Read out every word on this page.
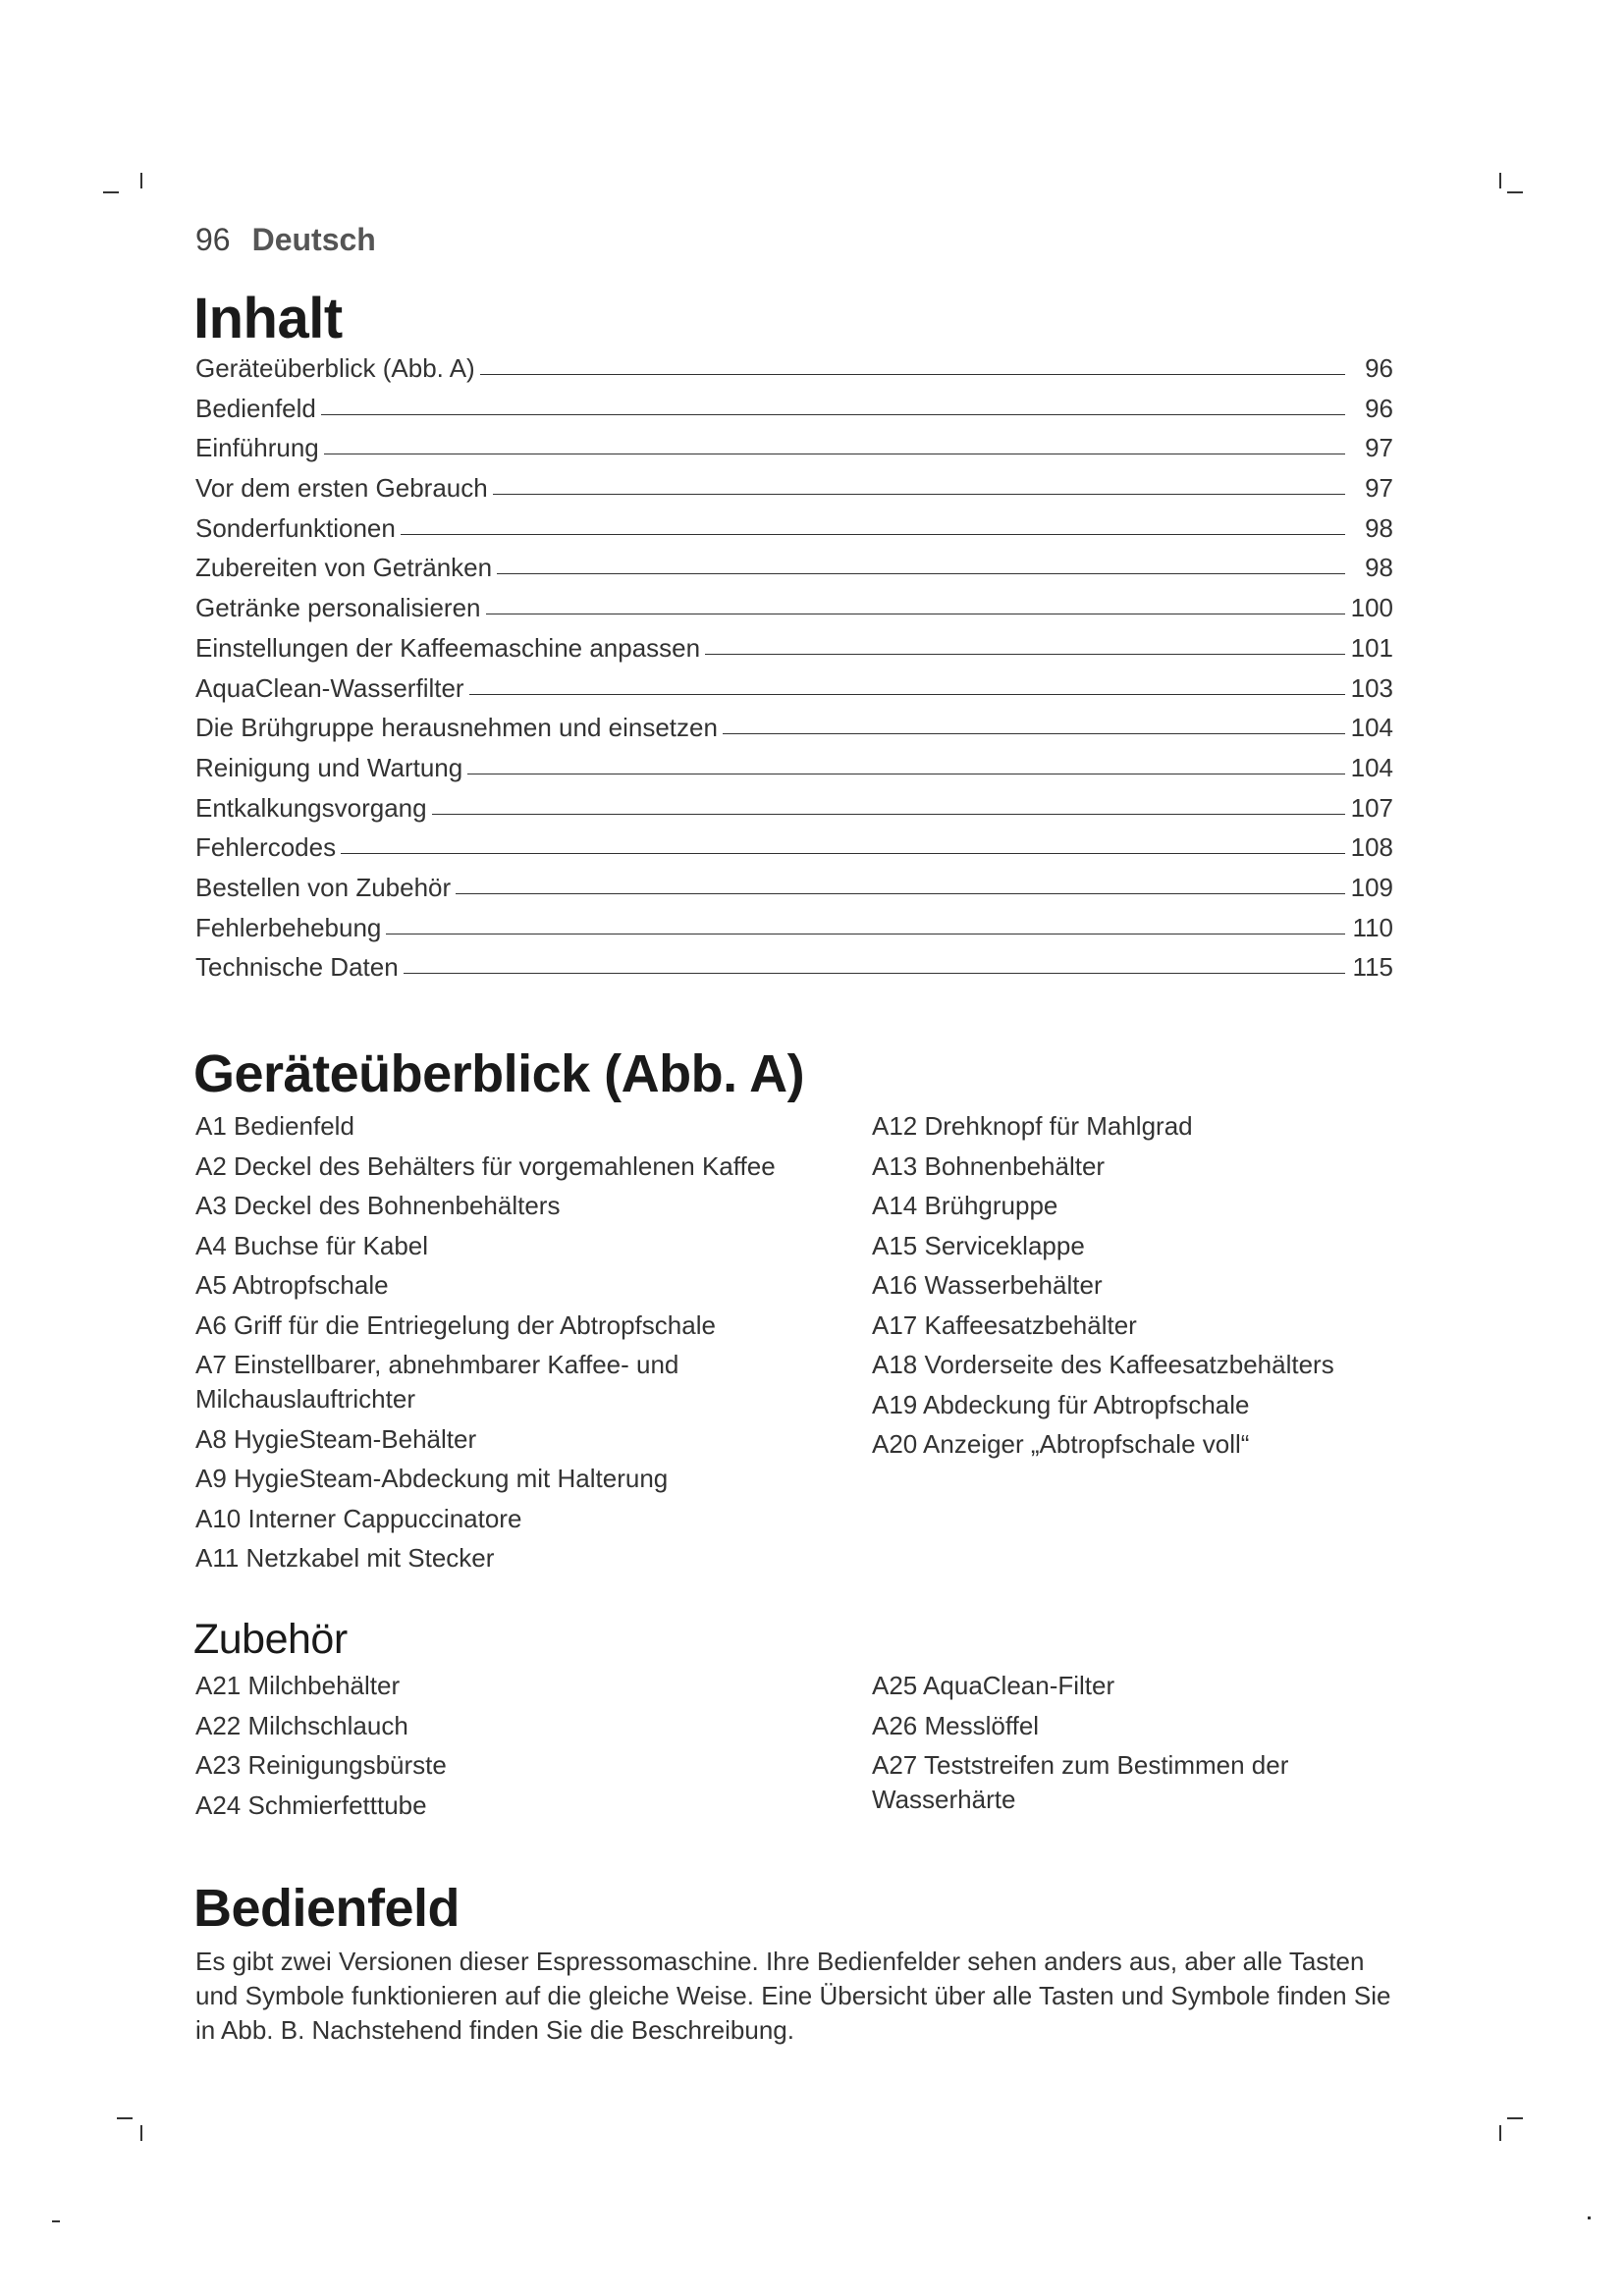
96 Deutsch
Inhalt
Geräteüberblick (Abb. A)	96
Bedienfeld	96
Einführung	97
Vor dem ersten Gebrauch	97
Sonderfunktionen	98
Zubereiten von Getränken	98
Getränke personalisieren	100
Einstellungen der Kaffeemaschine anpassen	101
AquaClean-Wasserfilter	103
Die Brühgruppe herausnehmen und einsetzen	104
Reinigung und Wartung	104
Entkalkungsvorgang	107
Fehlercodes	108
Bestellen von Zubehör	109
Fehlerbehebung	110
Technische Daten	115
Geräteüberblick (Abb. A)
A1 Bedienfeld
A2 Deckel des Behälters für vorgemahlenen Kaffee
A3 Deckel des Bohnenbehälters
A4 Buchse für Kabel
A5 Abtropfschale
A6 Griff für die Entriegelung der Abtropfschale
A7 Einstellbarer, abnehmbarer Kaffee- und Milchauslauftrichter
A8 HygieSteam-Behälter
A9 HygieSteam-Abdeckung mit Halterung
A10 Interner Cappuccinatore
A11 Netzkabel mit Stecker
A12 Drehknopf für Mahlgrad
A13 Bohnenbehälter
A14 Brühgruppe
A15 Serviceklappe
A16 Wasserbehälter
A17 Kaffeesatzbehälter
A18 Vorderseite des Kaffeesatzbehälters
A19 Abdeckung für Abtropfschale
A20 Anzeiger „Abtropfschale voll“
Zubehör
A21 Milchbehälter
A22 Milchschlauch
A23 Reinigungsbürste
A24 Schmierfetttube
A25 AquaClean-Filter
A26 Messlöffel
A27 Teststreifen zum Bestimmen der Wasserhärte
Bedienfeld

Es gibt zwei Versionen dieser Espressomaschine. Ihre Bedienfelder sehen anders aus, aber alle Tasten und Symbole funktionieren auf die gleiche Weise. Eine Übersicht über alle Tasten und Symbole finden Sie in Abb. B. Nachstehend finden Sie die Beschreibung.
